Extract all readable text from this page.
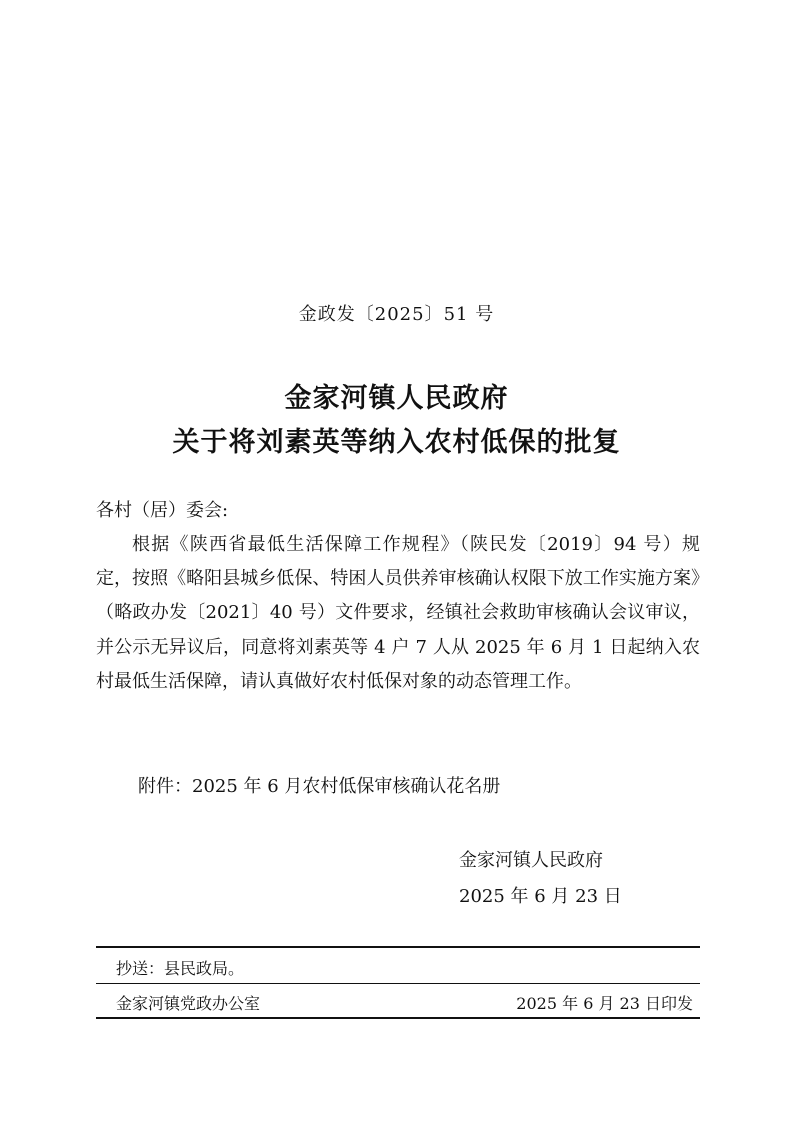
金政发〔2025〕51 号
金家河镇人民政府
关于将刘素英等纳入农村低保的批复
各村（居）委会:

根据《陕西省最低生活保障工作规程》（陕民发〔2019〕94 号）规定，按照《略阳县城乡低保、特困人员供养审核确认权限下放工作实施方案》（略政办发〔2021〕40 号）文件要求，经镇社会救助审核确认会议审议，并公示无异议后，同意将刘素英等 4 户 7 人从 2025 年 6 月 1 日起纳入农村最低生活保障，请认真做好农村低保对象的动态管理工作。

附件：2025 年 6 月农村低保审核确认花名册
金家河镇人民政府
2025 年 6 月 23 日
抄送：县民政局。
金家河镇党政办公室	2025 年 6 月 23 日印发
